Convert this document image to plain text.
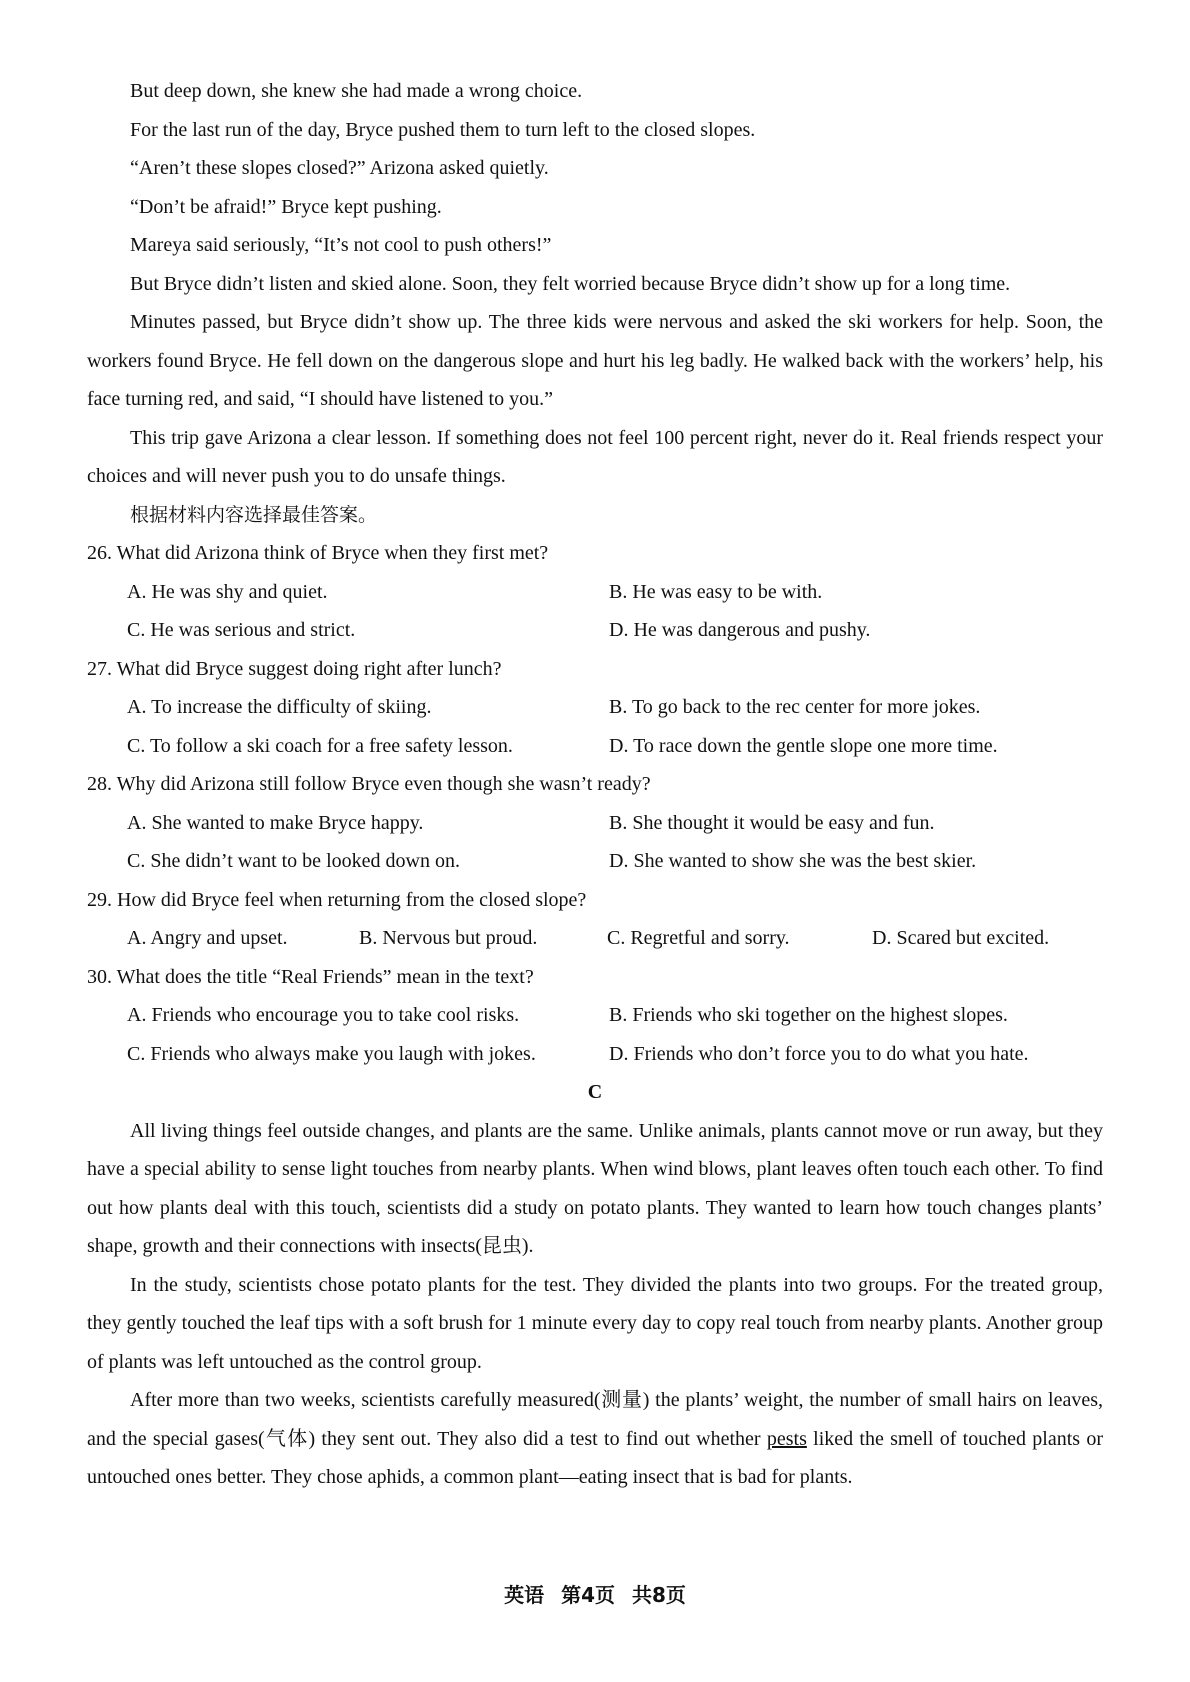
But deep down, she knew she had made a wrong choice.

For the last run of the day, Bryce pushed them to turn left to the closed slopes.

“Aren’t these slopes closed?” Arizona asked quietly.

“Don’t be afraid!” Bryce kept pushing.

Mareya said seriously, “It’s not cool to push others!”

But Bryce didn’t listen and skied alone. Soon, they felt worried because Bryce didn’t show up for a long time.

Minutes passed, but Bryce didn’t show up. The three kids were nervous and asked the ski workers for help. Soon, the workers found Bryce. He fell down on the dangerous slope and hurt his leg badly. He walked back with the workers’ help, his face turning red, and said, “I should have listened to you.”

This trip gave Arizona a clear lesson. If something does not feel 100 percent right, never do it. Real friends respect your choices and will never push you to do unsafe things.

根据材料内容选择最佳答案。

26. What did Arizona think of Bryce when they first met?
A. He was shy and quiet.	B. He was easy to be with.
C. He was serious and strict.	D. He was dangerous and pushy.
27. What did Bryce suggest doing right after lunch?
A. To increase the difficulty of skiing.	B. To go back to the rec center for more jokes.
C. To follow a ski coach for a free safety lesson.	D. To race down the gentle slope one more time.
28. Why did Arizona still follow Bryce even though she wasn’t ready?
A. She wanted to make Bryce happy.	B. She thought it would be easy and fun.
C. She didn’t want to be looked down on.	D. She wanted to show she was the best skier.
29. How did Bryce feel when returning from the closed slope?
A. Angry and upset.	B. Nervous but proud.	C. Regretful and sorry.	D. Scared but excited.
30. What does the title “Real Friends” mean in the text?
A. Friends who encourage you to take cool risks.	B. Friends who ski together on the highest slopes.
C. Friends who always make you laugh with jokes.	D. Friends who don’t force you to do what you hate.
C

All living things feel outside changes, and plants are the same. Unlike animals, plants cannot move or run away, but they have a special ability to sense light touches from nearby plants. When wind blows, plant leaves often touch each other. To find out how plants deal with this touch, scientists did a study on potato plants. They wanted to learn how touch changes plants’ shape, growth and their connections with insects(昆虫).

In the study, scientists chose potato plants for the test. They divided the plants into two groups. For the treated group, they gently touched the leaf tips with a soft brush for 1 minute every day to copy real touch from nearby plants. Another group of plants was left untouched as the control group.

After more than two weeks, scientists carefully measured(测量) the plants’ weight, the number of small hairs on leaves, and the special gases(气体) they sent out. They also did a test to find out whether pests liked the smell of touched plants or untouched ones better. They chose aphids, a common plant—eating insect that is bad for plants.

英语 第4页 共8页
